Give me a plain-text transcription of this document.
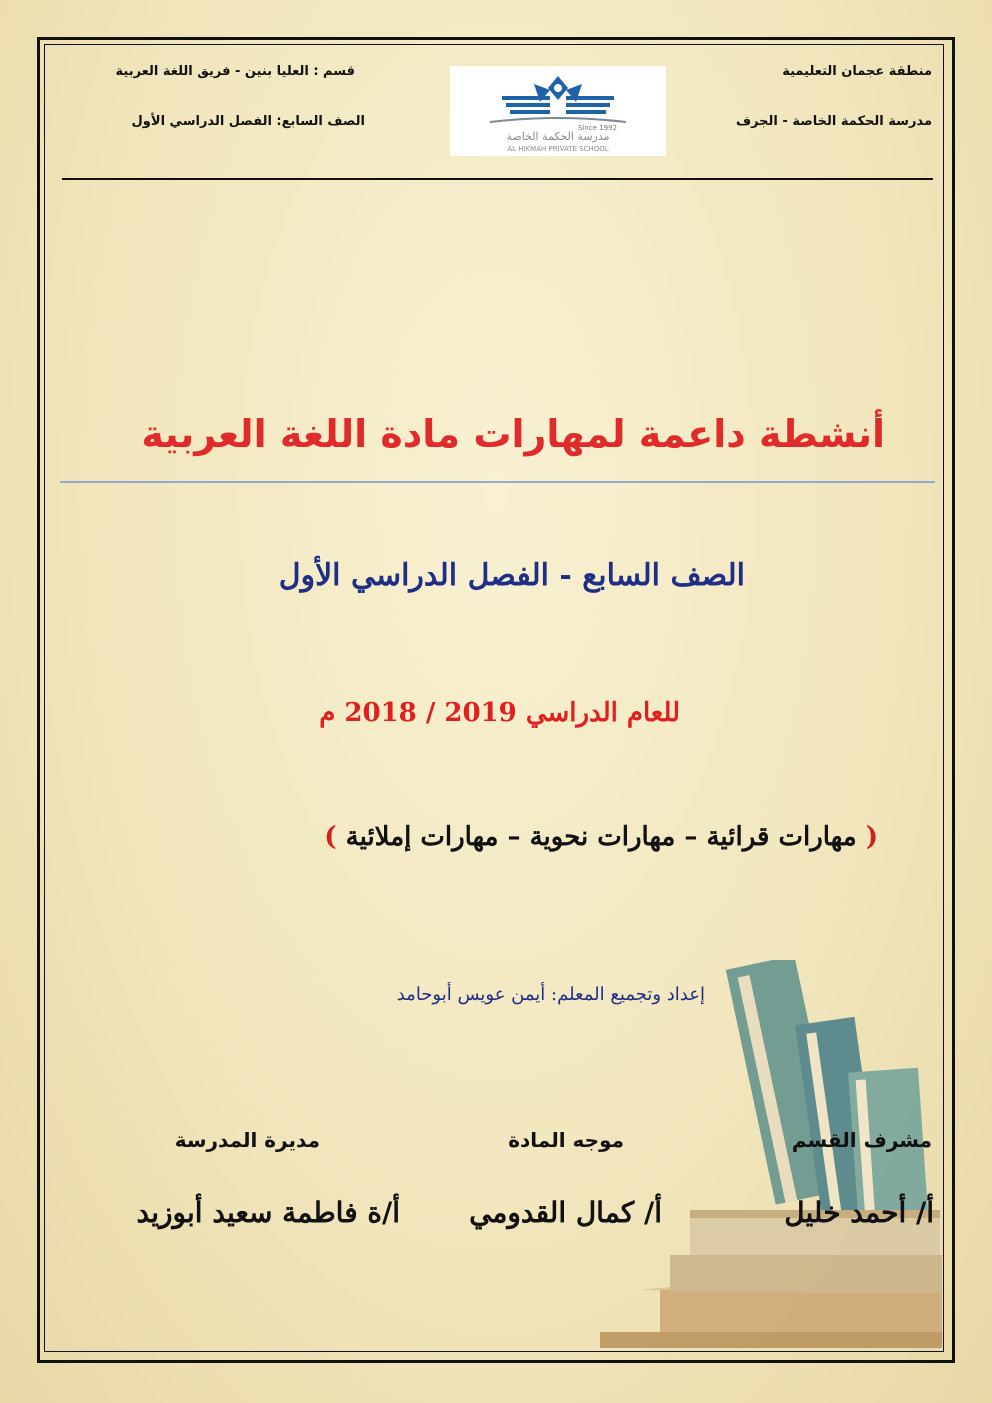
منطقة عجمان التعليمية
مدرسة الحكمة الخاصة - الجرف
قسم : العليا بنين - فريق اللغة العربية
الصف السابع: الفصل الدراسي الأول	Since 1992
مدرسة الحكمة الخاصة
AL HIKMAH PRIVATE SCHOOL
أنشطة داعمة لمهارات مادة اللغة العربية
الصف السابع - الفصل الدراسي الأول
للعام الدراسي 2019 / 2018 م
( مهارات قرائية – مهارات نحوية – مهارات إملائية )
إعداد وتجميع المعلم: أيمن عويس أبوحامد
مشرف القسم
موجه المادة
مديرة المدرسة
أ/ أحمد خليل
أ/ كمال القدومي
أ/ة فاطمة سعيد أبوزيد
